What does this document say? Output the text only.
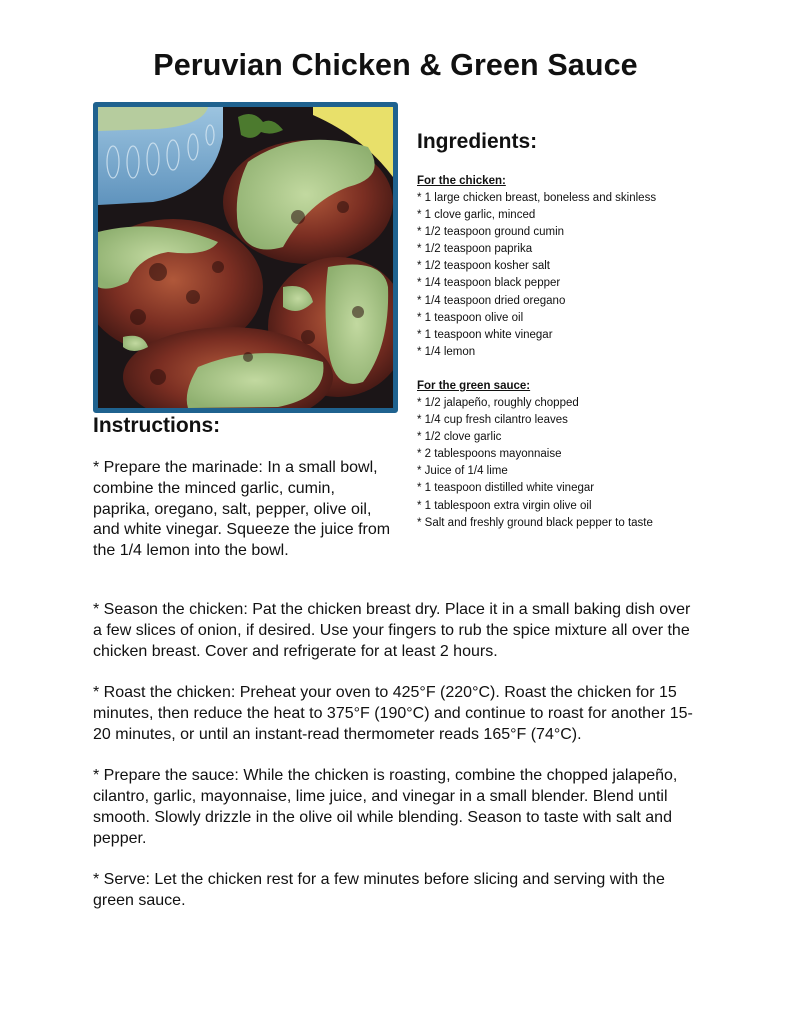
Peruvian Chicken & Green Sauce
Ingredients:

For the chicken:

* 1 large chicken breast, boneless and skinless
* 1 clove garlic, minced
* 1/2 teaspoon ground cumin
* 1/2 teaspoon paprika
* 1/2 teaspoon kosher salt
* 1/4 teaspoon black pepper
* 1/4 teaspoon dried oregano
* 1 teaspoon olive oil
* 1 teaspoon white vinegar
* 1/4 lemon

For the green sauce:

* 1/2 jalapeño, roughly chopped
* 1/4 cup fresh cilantro leaves
* 1/2 clove garlic
* 2 tablespoons mayonnaise
* Juice of 1/4 lime
* 1 teaspoon distilled white vinegar
* 1 tablespoon extra virgin olive oil
* Salt and freshly ground black pepper to taste
Instructions:

* Prepare the marinade: In a small bowl, combine the minced garlic, cumin, paprika, oregano, salt, pepper, olive oil, and white vinegar. Squeeze the juice from the 1/4 lemon into the bowl.

* Season the chicken: Pat the chicken breast dry. Place it in a small baking dish over a few slices of onion, if desired. Use your fingers to rub the spice mixture all over the chicken breast. Cover and refrigerate for at least 2 hours.

* Roast the chicken: Preheat your oven to 425°F (220°C). Roast the chicken for 15 minutes, then reduce the heat to 375°F (190°C) and continue to roast for another 15-20 minutes, or until an instant-read thermometer reads 165°F (74°C).

* Prepare the sauce: While the chicken is roasting, combine the chopped jalapeño, cilantro, garlic, mayonnaise, lime juice, and vinegar in a small blender. Blend until smooth. Slowly drizzle in the olive oil while blending. Season to taste with salt and pepper.

* Serve: Let the chicken rest for a few minutes before slicing and serving with the green sauce.
